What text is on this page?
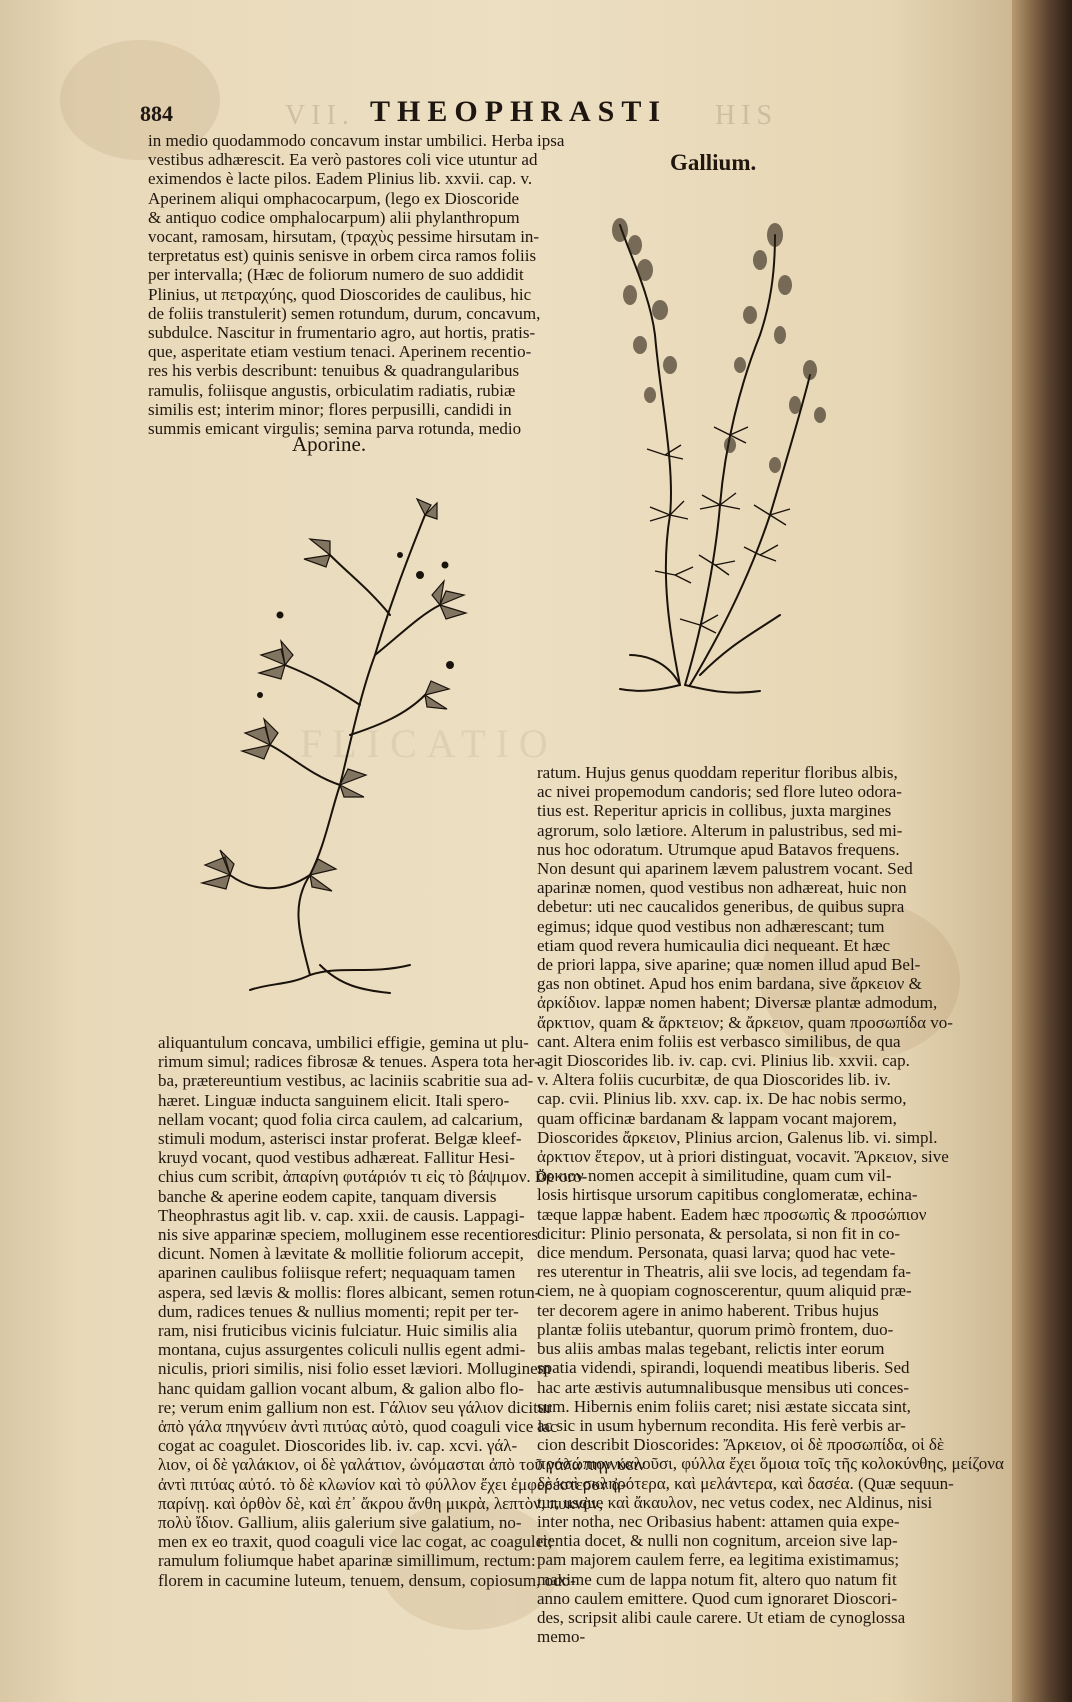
VII.	HIS
FLICATIO
884	THEOPHRASTI

in medio quodammodo concavum instar umbilici. Herba ipsa

vestibus adhærescit. Ea verò pastores coli vice utuntur ad

eximendos è lacte pilos. Eadem Plinius lib. xxvii. cap. v.

Aperinem aliqui omphacocarpum, (lego ex Dioscoride

& antiquo codice omphalocarpum) alii phylanthropum

vocant, ramosam, hirsutam, (τραχὺς pessime hirsutam in-

terpretatus est) quinis senisve in orbem circa ramos foliis

per intervalla; (Hæc de foliorum numero de suo addidit

Plinius, ut πετραχύης, quod Dioscorides de caulibus, hic

de foliis transtulerit) semen rotundum, durum, concavum,

subdulce. Nascitur in frumentario agro, aut hortis, pratis-

que, asperitate etiam vestium tenaci. Aperinem recentio-

res his verbis describunt: tenuibus & quadrangularibus

ramulis, foliisque angustis, orbiculatim radiatis, rubiæ

similis est; interim minor; flores perpusilli, candidi in

summis emicant virgulis; semina parva rotunda, medio

Aporine.
Gallium.

aliquantulum concava, umbilici effigie, gemina ut plu-

rimum simul; radices fibrosæ & tenues. Aspera tota her-

ba, prætereuntium vestibus, ac laciniis scabritie sua ad-

hæret. Linguæ inducta sanguinem elicit. Itali spero-

nellam vocant; quod folia circa caulem, ad calcarium,

stimuli modum, asterisci instar proferat. Belgæ kleef-

kruyd vocant, quod vestibus adhæreat. Fallitur Hesi-

chius cum scribit, ἀπαρίνη φυτάριόν τι εἰς τὸ βάψιμον. De oro-

banche & aperine eodem capite, tanquam diversis

Theophrastus agit lib. v. cap. xxii. de causis. Lappagi-

nis sive apparinæ speciem, molluginem esse recentiores

dicunt. Nomen à lævitate & mollitie foliorum accepit,

aparinen caulibus foliisque refert; nequaquam tamen

aspera, sed lævis & mollis: flores albicant, semen rotun-

dum, radices tenues & nullius momenti; repit per ter-

ram, nisi fruticibus vicinis fulciatur. Huic similis alia

montana, cujus assurgentes coliculi nullis egent admi-

niculis, priori similis, nisi folio esset læviori. Molluginem

hanc quidam gallion vocant album, & galion albo flo-

re; verum enim gallium non est. Γάλιον seu γάλιον dicitur

ἀπὸ γάλα πηγνύειν ἀντὶ πιτύας αὐτὸ, quod coaguli vice lac

cogat ac coagulet. Dioscorides lib. iv. cap. xcvi. γάλ-

λιον, οἱ δὲ γαλάκιον, οἱ δὲ γαλάτιον, ὠνόμασται ἀπὸ τοῦ γάλα πηγνύειν

ἀντὶ πιτύας αὐτό. τὸ δὲ κλωνίον καὶ τὸ φύλλον ἔχει ἐμφερέστερον ἀ-

παρίνῃ. καὶ ὀρθὸν δὲ, καὶ ἐπ᾿ ἄκρου ἄνθη μικρὰ, λεπτὸν, πυκνὸν,

πολὺ ἴδιον. Gallium, aliis galerium sive galatium, no-

men ex eo traxit, quod coaguli vice lac cogat, ac coagulet;

ramulum foliumque habet aparinæ simillimum, rectum:

florem in cacumine luteum, tenuem, densum, copiosum, odo-

ratum. Hujus genus quoddam reperitur floribus albis,

ac nivei propemodum candoris; sed flore luteo odora-

tius est. Reperitur apricis in collibus, juxta margines

agrorum, solo lætiore. Alterum in palustribus, sed mi-

nus hoc odoratum. Utrumque apud Batavos frequens.

Non desunt qui aparinem lævem palustrem vocant. Sed

aparinæ nomen, quod vestibus non adhæreat, huic non

debetur: uti nec caucalidos generibus, de quibus supra

egimus; idque quod vestibus non adhærescant; tum

etiam quod revera humicaulia dici nequeant. Et hæc

de priori lappa, sive aparine; quæ nomen illud apud Bel-

gas non obtinet. Apud hos enim bardana, sive ἄρκειον &

ἀρκίδιον. lappæ nomen habent; Diversæ plantæ admodum,

ἄρκτιον, quam & ἄρκτειον; & ἄρκειον, quam προσωπίδα vo-

cant. Altera enim foliis est verbasco similibus, de qua

agit Dioscorides lib. iv. cap. cvi. Plinius lib. xxvii. cap.

v. Altera foliis cucurbitæ, de qua Dioscorides lib. iv.

cap. cvii. Plinius lib. xxv. cap. ix. De hac nobis sermo,

quam officinæ bardanam & lappam vocant majorem,

Dioscorides ἄρκειον, Plinius arcion, Galenus lib. vi. simpl.

ἀρκτιον ἕτερον, ut à priori distinguat, vocavit. Ἄρκειον, sive

ἄρκιον nomen accepit à similitudine, quam cum vil-

losis hirtisque ursorum capitibus conglomeratæ, echina-

tæque lappæ habent. Eadem hæc προσωπὶς & προσώπιον

dicitur: Plinio personata, & persolata, si non fit in co-

dice mendum. Personata, quasi larva; quod hac vete-

res uterentur in Theatris, alii sve locis, ad tegendam fa-

ciem, ne à quopiam cognoscerentur, quum aliquid præ-

ter decorem agere in animo haberent. Tribus hujus

plantæ foliis utebantur, quorum primò frontem, duo-

bus aliis ambas malas tegebant, relictis inter eorum

spatia videndi, spirandi, loquendi meatibus liberis. Sed

hac arte æstivis autumnalibusque mensibus uti conces-

sum. Hibernis enim foliis caret; nisi æstate siccata sint,

ac sic in usum hybernum recondita. His ferè verbis ar-

cion describit Dioscorides: Ἄρκειον, οἱ δὲ προσωπίδα, οἱ δὲ

προσώπιον καλοῦσι, φύλλα ἔχει ὅμοια τοῖς τῆς κολοκύνθης, μείζονα

δὲ καὶ σκληρότερα, καὶ μελάντερα, καὶ δασέα. (Quæ sequun-

tur, usque καὶ ἄκαυλον, nec vetus codex, nec Aldinus, nisi

inter notha, nec Oribasius habent: attamen quia expe-

rientia docet, & nulli non cognitum, arceion sive lap-

pam majorem caulem ferre, ea legitima existimamus;

maxime cum de lappa notum fit, altero quo natum fit

anno caulem emittere. Quod cum ignoraret Dioscori-

des, scripsit alibi caule carere. Ut etiam de cynoglossa

memo-
